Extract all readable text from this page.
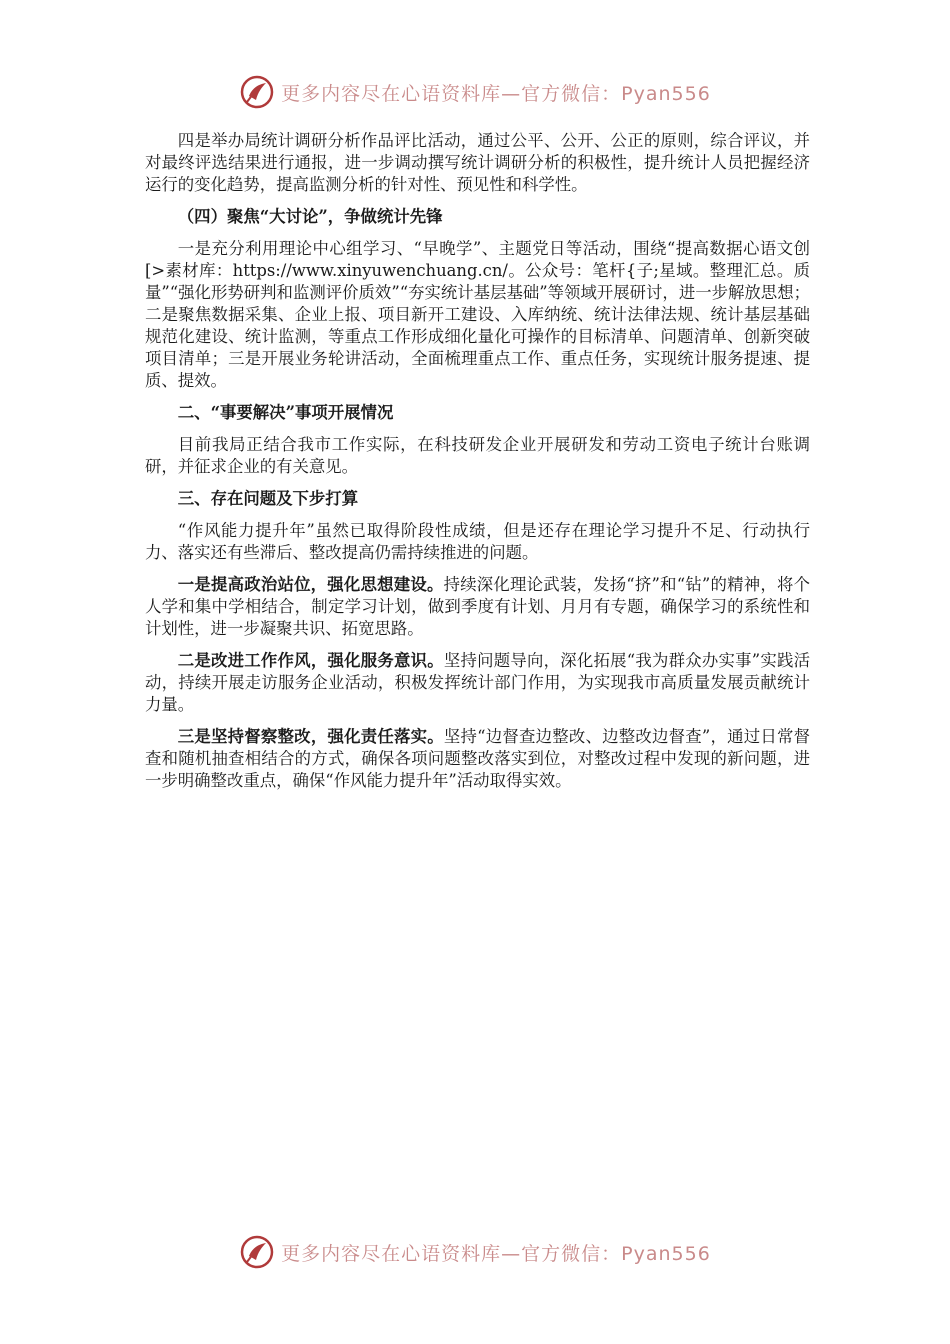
更多内容尽在心语资料库—官方微信：Pyan556

四是举办局统计调研分析作品评比活动，通过公平、公开、公正的原则，综合评议，并对最终评选结果进行通报，进一步调动撰写统计调研分析的积极性，提升统计人员把握经济运行的变化趋势，提高监测分析的针对性、预见性和科学性。

（四）聚焦“大讨论”，争做统计先锋

一是充分利用理论中心组学习、“早晚学”、主题党日等活动，围绕“提高数据心语文创[>素材库：https://www.xinyuwenchuang.cn/。公众号：笔杆{子;星域。整理汇总。质量”“强化形势研判和监测评价质效”“夯实统计基层基础”等领域开展研讨，进一步解放思想；二是聚焦数据采集、企业上报、项目新开工建设、入库纳统、统计法律法规、统计基层基础规范化建设、统计监测，等重点工作形成细化量化可操作的目标清单、问题清单、创新突破项目清单；三是开展业务轮讲活动，全面梳理重点工作、重点任务，实现统计服务提速、提质、提效。

二、“事要解决”事项开展情况

目前我局正结合我市工作实际，在科技研发企业开展研发和劳动工资电子统计台账调研，并征求企业的有关意见。

三、存在问题及下步打算

“作风能力提升年”虽然已取得阶段性成绩，但是还存在理论学习提升不足、行动执行力、落实还有些滞后、整改提高仍需持续推进的问题。

一是提高政治站位，强化思想建设。持续深化理论武装，发扬“挤”和“钻”的精神，将个人学和集中学相结合，制定学习计划，做到季度有计划、月月有专题，确保学习的系统性和计划性，进一步凝聚共识、拓宽思路。

二是改进工作作风，强化服务意识。坚持问题导向，深化拓展“我为群众办实事”实践活动，持续开展走访服务企业活动，积极发挥统计部门作用，为实现我市高质量发展贡献统计力量。

三是坚持督察整改，强化责任落实。坚持“边督查边整改、边整改边督查”，通过日常督查和随机抽查相结合的方式，确保各项问题整改落实到位，对整改过程中发现的新问题，进一步明确整改重点，确保“作风能力提升年”活动取得实效。

更多内容尽在心语资料库—官方微信：Pyan556
